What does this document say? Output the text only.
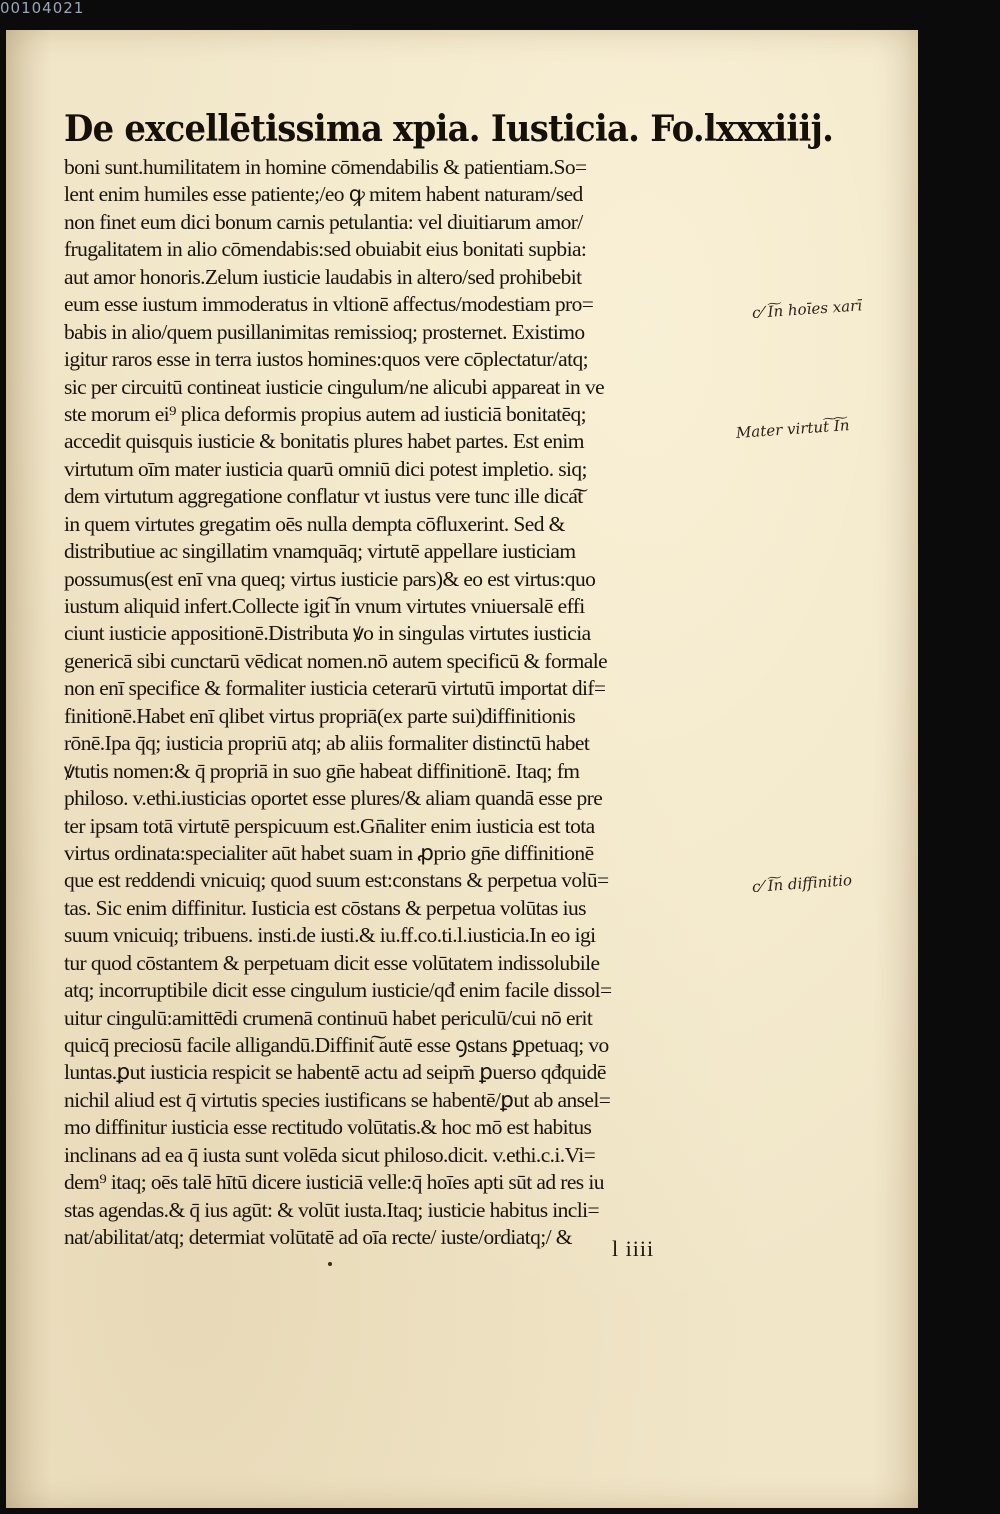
00104021
De excellētissima xpia. Iusticia. Fo.lxxxiiij.
boni sunt.humilitatem in homine cōmendabilis & patientiam.So=
lent enim humiles esse patiente;/eo ꝙ mitem habent naturam/sed
non finet eum dici bonum carnis petulantia: vel diuitiarum amor/
frugalitatem in alio cōmendabis:sed obuiabit eius bonitati supbia:
aut amor honoris.Zelum iusticie laudabis in altero/sed prohibebit
eum esse iustum immoderatus in vltionē affectus/modestiam pro=
babis in alio/quem pusillanimitas remissioq; prosternet. Existimo
igitur raros esse in terra iustos homines:quos vere cōplectatur/atq;
sic per circuitū contineat iusticie cingulum/ne alicubi appareat in ve
ste morum ei⁹ plica deformis propius autem ad iusticiā bonitatēq;
accedit quisquis iusticie & bonitatis plures habet partes. Est enim
virtutum oīm mater iusticia quarū omniū dici potest impletio. siq;
dem virtutum aggregatione conflatur vt iustus vere tunc ille dica͠t
in quem virtutes gregatim oēs nulla dempta cōfluxerint. Sed &
distributiue ac singillatim vnamquāq; virtutē appellare iusticiam
possumus(est enī vna queq; virtus iusticie pars)& eo est virtus:quo
iustum aliquid infert.Collecte igit͠ in vnum virtutes vniuersalē effi
ciunt iusticie appositionē.Distributa ꝟo in singulas virtutes iusticia
genericā sibi cunctarū vēdicat nomen.nō autem specificū & formale
non enī specifice & formaliter iusticia ceterarū virtutū importat dif=
finitionē.Habet enī qlibet virtus propriā(ex parte sui)diffinitionis
rōnē.Ipa q̄q; iusticia propriū atq; ab aliis formaliter distinctū habet
ꝟtutis nomen:& q̄ propriā in suo gn̄e habeat diffinitionē. Itaq; fm
philoso. v.ethi.iusticias oportet esse plures/& aliam quandā esse pre
ter ipsam totā virtutē perspicuum est.Gn̄aliter enim iusticia est tota
virtus ordinata:specialiter aūt habet suam in ꝓprio gn̄e diffinitionē
que est reddendi vnicuiq; quod suum est:constans & perpetua volū=
tas. Sic enim diffinitur. Iusticia est cōstans & perpetua volūtas ius
suum vnicuiq; tribuens. insti.de iusti.& iu.ff.co.ti.l.iusticia.In eo igi
tur quod cōstantem & perpetuam dicit esse volūtatem indissolubile
atq; incorruptibile dicit esse cingulum iusticie/qđ enim facile dissol=
uitur cingulū:amittēdi crumenā continuū habet periculū/cui nō erit
quicq̄ preciosū facile alligandū.Diffinit͠ autē esse ꝯstans ꝑpetuaq; vo
luntas.ꝑut iusticia respicit se habentē actu ad seipm̄ ꝑuerso qđquidē
nichil aliud est q̄ virtutis species iustificans se habentē/ꝑut ab ansel=
mo diffinitur iusticia esse rectitudo volūtatis.& hoc mō est habitus
inclinans ad ea q̄ iusta sunt volēda sicut philoso.dicit. v.ethi.c.i.Vi=
dem⁹ itaq; oēs talē hītū dicere iusticiā velle:q̄ hoīes apti sūt ad res iu
stas agendas.& q̄ ius agūt: & volūt iusta.Itaq; iusticie habitus incli=
nat/abilitat/atq; determiat volūtatē ad oīa recte/ iuste/ordiatq;/ &
c⁄ I͠n hoīes xarī
Mater virtut͠ I͠n
c⁄ I͠n diffinitio
l iiii
